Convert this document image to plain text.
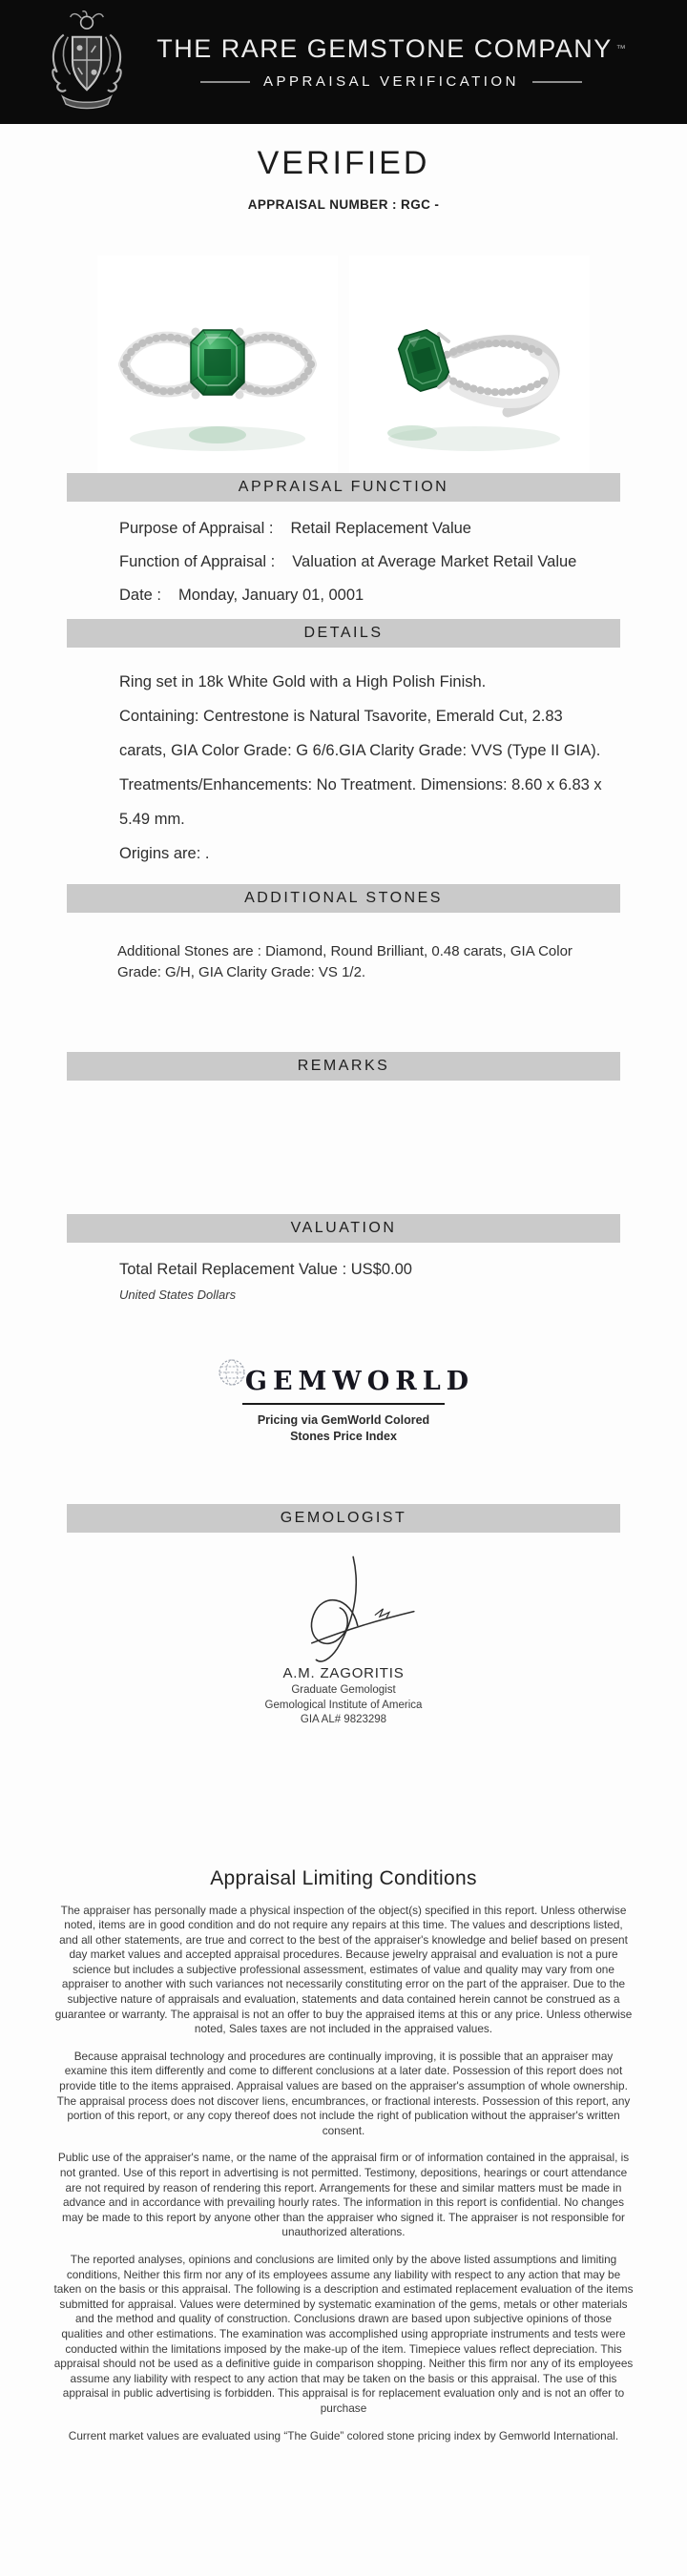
THE RARE GEMSTONE COMPANY ™
APPRAISAL VERIFICATION
VERIFIED
APPRAISAL NUMBER : RGC -
APPRAISAL FUNCTION
Purpose of Appraisal : Retail Replacement Value
Function of Appraisal : Valuation at Average Market Retail Value
Date : Monday, January 01, 0001
DETAILS

Ring set in 18k White Gold with a High Polish Finish.

Containing: Centrestone is Natural Tsavorite, Emerald Cut, 2.83 carats, GIA Color Grade: G 6/6.GIA Clarity Grade: VVS (Type II GIA). Treatments/Enhancements: No Treatment. Dimensions: 8.60 x 6.83 x 5.49 mm.

Origins are: .

ADDITIONAL STONES
Additional Stones are : Diamond, Round Brilliant, 0.48 carats, GIA Color Grade: G/H, GIA Clarity Grade: VS 1/2.
REMARKS
VALUATION
Total Retail Replacement Value : US$0.00
United States Dollars
GEMWORLD
Pricing via GemWorld Colored
Stones Price Index
GEMOLOGIST
A.M. ZAGORITIS
Graduate Gemologist
Gemological Institute of America
GIA AL# 9823298
Appraisal Limiting Conditions

The appraiser has personally made a physical inspection of the object(s) specified in this report. Unless otherwise noted, items are in good condition and do not require any repairs at this time. The values and descriptions listed, and all other statements, are true and correct to the best of the appraiser's knowledge and belief based on present day market values and accepted appraisal procedures. Because jewelry appraisal and evaluation is not a pure science but includes a subjective professional assessment, estimates of value and quality may vary from one appraiser to another with such variances not necessarily constituting error on the part of the appraiser. Due to the subjective nature of appraisals and evaluation, statements and data contained herein cannot be construed as a guarantee or warranty. The appraisal is not an offer to buy the appraised items at this or any price. Unless otherwise noted, Sales taxes are not included in the appraised values.

Because appraisal technology and procedures are continually improving, it is possible that an appraiser may examine this item differently and come to different conclusions at a later date. Possession of this report does not provide title to the items appraised. Appraisal values are based on the appraiser's assumption of whole ownership. The appraisal process does not discover liens, encumbrances, or fractional interests. Possession of this report, any portion of this report, or any copy thereof does not include the right of publication without the appraiser's written consent.

Public use of the appraiser's name, or the name of the appraisal firm or of information contained in the appraisal, is not granted. Use of this report in advertising is not permitted. Testimony, depositions, hearings or court attendance are not required by reason of rendering this report. Arrangements for these and similar matters must be made in advance and in accordance with prevailing hourly rates. The information in this report is confidential. No changes may be made to this report by anyone other than the appraiser who signed it. The appraiser is not responsible for unauthorized alterations.

The reported analyses, opinions and conclusions are limited only by the above listed assumptions and limiting conditions, Neither this firm nor any of its employees assume any liability with respect to any action that may be taken on the basis or this appraisal. The following is a description and estimated replacement evaluation of the items submitted for appraisal. Values were determined by systematic examination of the gems, metals or other materials and the method and quality of construction. Conclusions drawn are based upon subjective opinions of those qualities and other estimations. The examination was accomplished using appropriate instruments and tests were conducted within the limitations imposed by the make-up of the item. Timepiece values reflect depreciation. This appraisal should not be used as a definitive guide in comparison shopping. Neither this firm nor any of its employees assume any liability with respect to any action that may be taken on the basis or this appraisal. The use of this appraisal in public advertising is forbidden. This appraisal is for replacement evaluation only and is not an offer to purchase

Current market values are evaluated using “The Guide” colored stone pricing index by Gemworld International.
